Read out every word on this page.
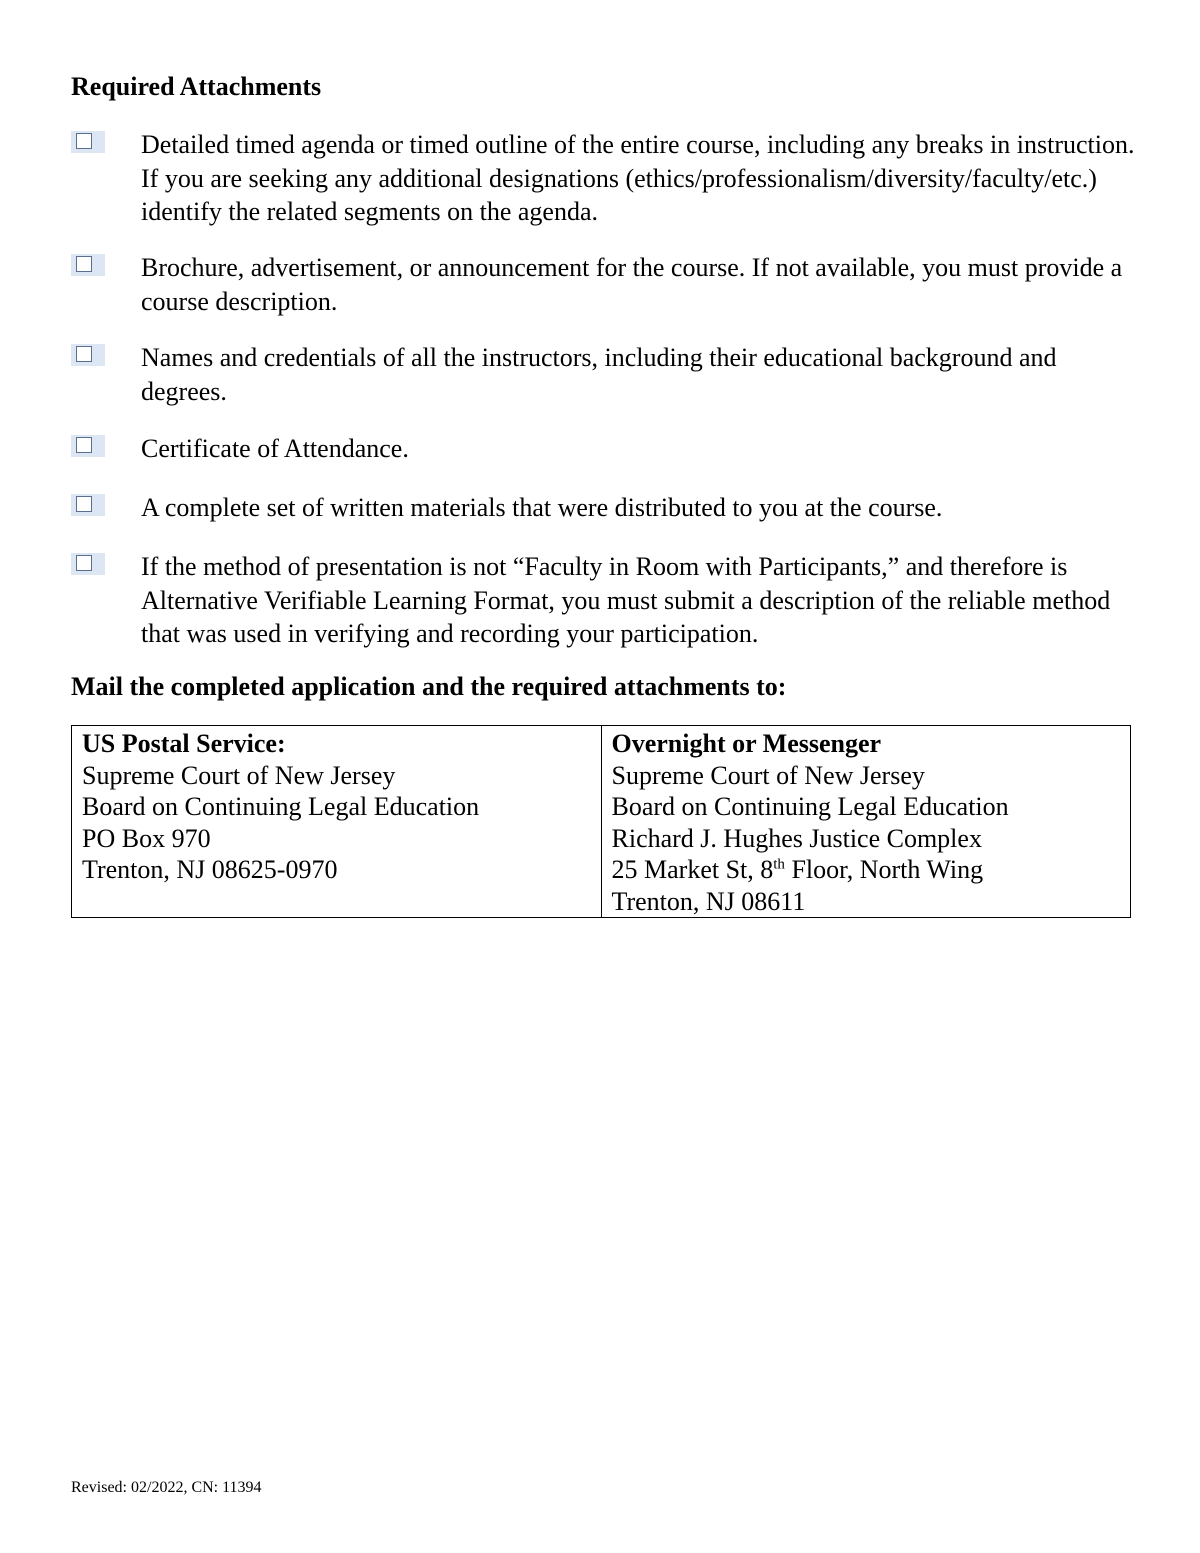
Required Attachments

Detailed timed agenda or timed outline of the entire course, including any breaks in instruction. If you are seeking any additional designations (ethics/professionalism/diversity/faculty/etc.) identify the related segments on the agenda.

Brochure, advertisement, or announcement for the course. If not available, you must provide a course description.

Names and credentials of all the instructors, including their educational background and degrees.

Certificate of Attendance.

A complete set of written materials that were distributed to you at the course.

If the method of presentation is not “Faculty in Room with Participants,” and therefore is Alternative Verifiable Learning Format, you must submit a description of the reliable method that was used in verifying and recording your participation.

Mail the completed application and the required attachments to:
US Postal Service:
Supreme Court of New Jersey
Board on Continuing Legal Education
PO Box 970
Trenton, NJ 08625-0970

Overnight or Messenger
Supreme Court of New Jersey
Board on Continuing Legal Education
Richard J. Hughes Justice Complex
25 Market St, 8th Floor, North Wing
Trenton, NJ 08611
Revised: 02/2022, CN: 11394
